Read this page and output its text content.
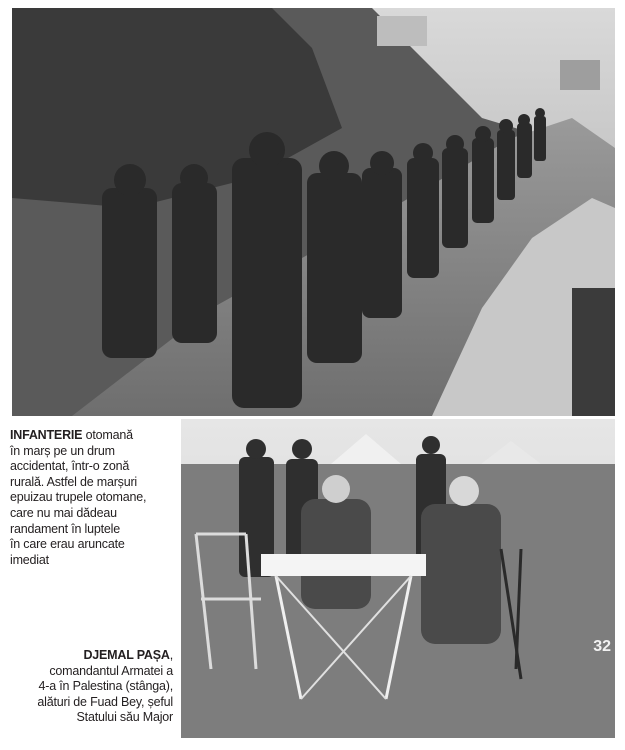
INFANTERIE otomană
în marș pe un drum
accidentat, într-o zonă
rurală. Astfel de marșuri
epuizau trupele otomane,
care nu mai dădeau
randament în luptele
în care erau aruncate
imediat
32
DJEMAL PAȘA,
comandantul Armatei a
4-a în Palestina (stânga),
alături de Fuad Bey, șeful
Statului său Major
